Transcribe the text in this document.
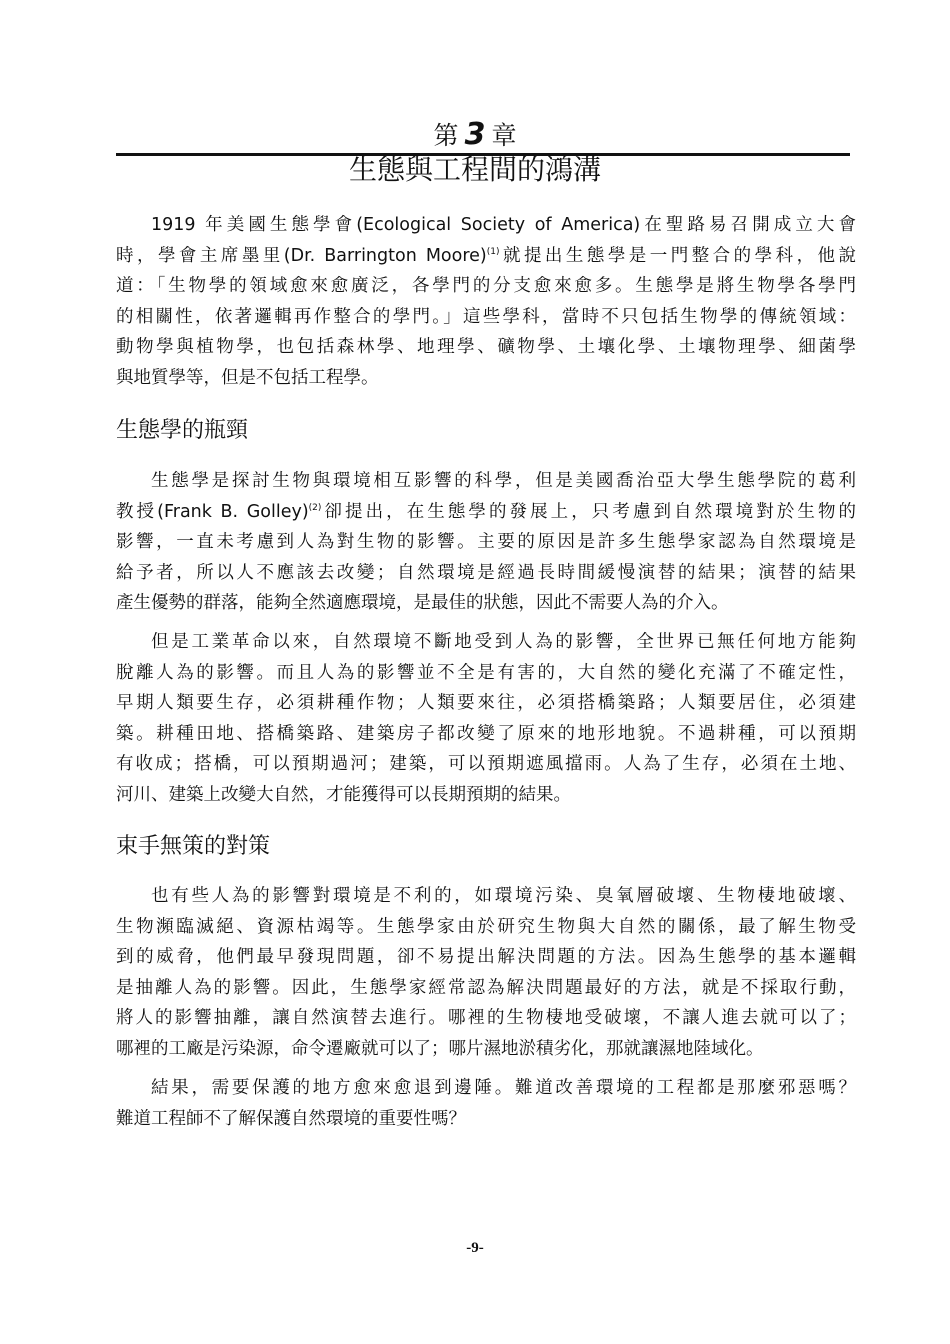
第 3 章
生態與工程間的鴻溝
1919 年美國生態學會(Ecological Society of America)在聖路易召開成立大會
時，學會主席墨里(Dr. Barrington Moore)$^{(1)}$就提出生態學是一門整合的學科，他說
道：「生物學的領域愈來愈廣泛，各學門的分支愈來愈多。生態學是將生物學各學門
的相關性，依著邏輯再作整合的學門。」這些學科，當時不只包括生物學的傳統領域：
動物學與植物學，也包括森林學、地理學、礦物學、土壤化學、土壤物理學、細菌學
與地質學等，但是不包括工程學。
生態學的瓶頸
生態學是探討生物與環境相互影響的科學，但是美國喬治亞大學生態學院的葛利
教授(Frank B. Golley)$^{(2)}$卻提出，在生態學的發展上，只考慮到自然環境對於生物的
影響，一直未考慮到人為對生物的影響。主要的原因是許多生態學家認為自然環境是
給予者，所以人不應該去改變；自然環境是經過長時間緩慢演替的結果；演替的結果
產生優勢的群落，能夠全然適應環境，是最佳的狀態，因此不需要人為的介入。
但是工業革命以來，自然環境不斷地受到人為的影響，全世界已無任何地方能夠
脫離人為的影響。而且人為的影響並不全是有害的，大自然的變化充滿了不確定性，
早期人類要生存，必須耕種作物；人類要來往，必須搭橋築路；人類要居住，必須建
築。耕種田地、搭橋築路、建築房子都改變了原來的地形地貌。不過耕種，可以預期
有收成；搭橋，可以預期過河；建築，可以預期遮風擋雨。人為了生存，必須在土地、
河川、建築上改變大自然，才能獲得可以長期預期的結果。
束手無策的對策
也有些人為的影響對環境是不利的，如環境污染、臭氧層破壞、生物棲地破壞、
生物瀕臨滅絕、資源枯竭等。生態學家由於研究生物與大自然的關係，最了解生物受
到的威脅，他們最早發現問題，卻不易提出解決問題的方法。因為生態學的基本邏輯
是抽離人為的影響。因此，生態學家經常認為解決問題最好的方法，就是不採取行動，
將人的影響抽離，讓自然演替去進行。哪裡的生物棲地受破壞，不讓人進去就可以了；
哪裡的工廠是污染源，命令遷廠就可以了；哪片濕地淤積劣化，那就讓濕地陸域化。
結果，需要保護的地方愈來愈退到邊陲。難道改善環境的工程都是那麼邪惡嗎？
難道工程師不了解保護自然環境的重要性嗎？
-9-
